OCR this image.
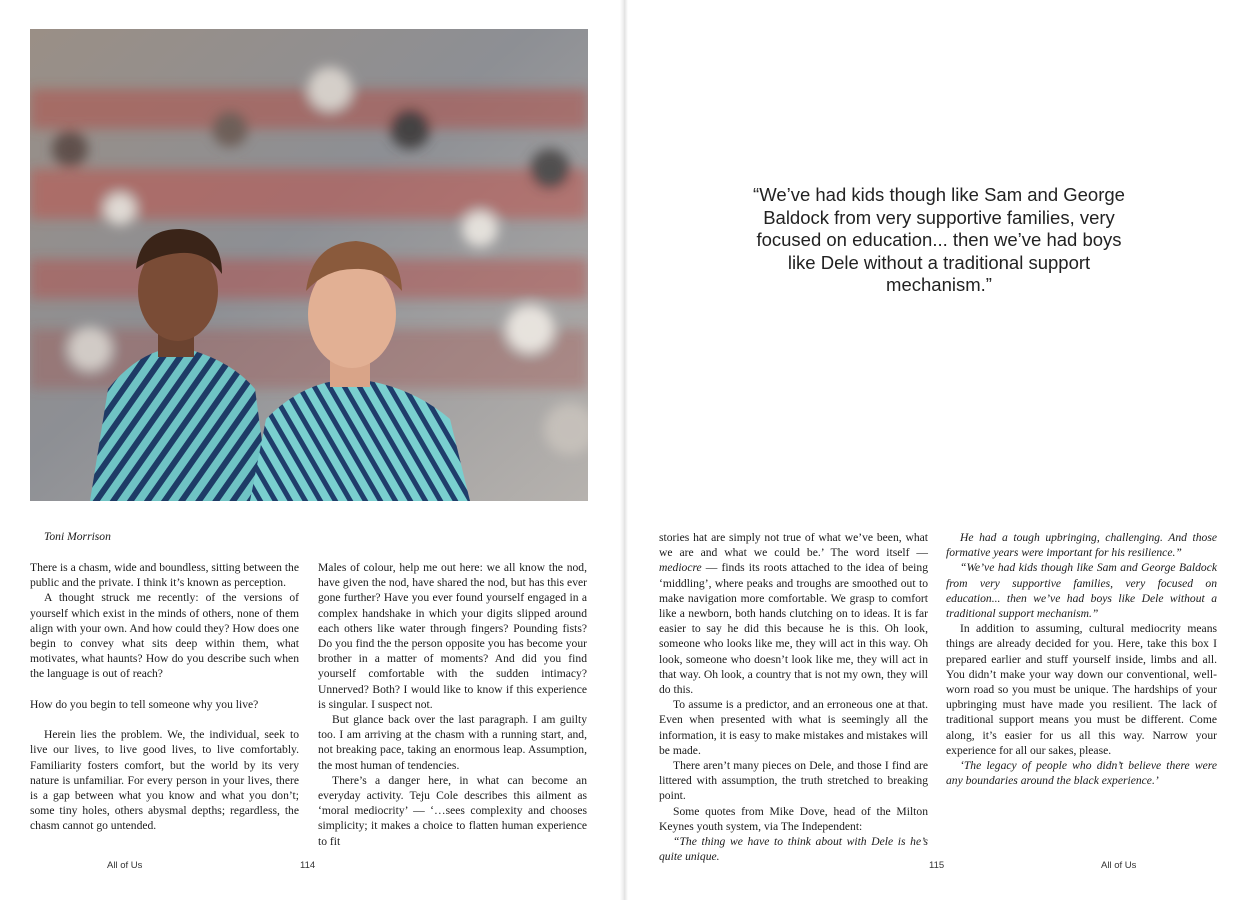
“We’ve had kids though like Sam and George Baldock from very supportive families, very focused on education... then we’ve had boys like Dele without a traditional support mechanism.”
Toni Morrison

There is a chasm, wide and boundless, sitting between the public and the private. I think it’s known as perception.

A thought struck me recently: of the versions of yourself which exist in the minds of others, none of them align with your own. And how could they? How does one begin to convey what sits deep within them, what motivates, what haunts? How do you describe such when the language is out of reach?

How do you begin to tell someone why you live?

Herein lies the problem. We, the individual, seek to live our lives, to live good lives, to live comfortably. Familiarity fosters comfort, but the world by its very nature is unfamiliar. For every person in your lives, there is a gap between what you know and what you don’t; some tiny holes, others abysmal depths; regardless, the chasm cannot go untended.

Males of colour, help me out here: we all know the nod, have given the nod, have shared the nod, but has this ever gone further? Have you ever found yourself engaged in a complex handshake in which your digits slipped around each others like water through fingers? Pounding fists? Do you find the the person opposite you has become your brother in a matter of moments? And did you find yourself comfortable with the sudden intimacy? Unnerved? Both? I would like to know if this experience is singular. I suspect not.

But glance back over the last paragraph. I am guilty too. I am arriving at the chasm with a running start, and, not breaking pace, taking an enormous leap. Assumption, the most human of tendencies.

There’s a danger here, in what can become an everyday activity. Teju Cole describes this ailment as ‘moral mediocrity’ — ‘…sees complexity and chooses simplicity; it makes a choice to flatten human experience to fit

stories hat are simply not true of what we’ve been, what we are and what we could be.’ The word itself — mediocre — finds its roots attached to the idea of being ‘middling’, where peaks and troughs are smoothed out to make navigation more comfortable. We grasp to comfort like a newborn, both hands clutching on to ideas. It is far easier to say he did this because he is this. Oh look, someone who looks like me, they will act in this way. Oh look, someone who doesn’t look like me, they will act in that way. Oh look, a country that is not my own, they will do this.

To assume is a predictor, and an erroneous one at that. Even when presented with what is seemingly all the information, it is easy to make mistakes and mistakes will be made.

There aren’t many pieces on Dele, and those I find are littered with assumption, the truth stretched to breaking point.

Some quotes from Mike Dove, head of the Milton Keynes youth system, via The Independent:

“The thing we have to think about with Dele is he’s quite unique.

He had a tough upbringing, challenging. And those formative years were important for his resilience.”

“We’ve had kids though like Sam and George Baldock from very supportive families, very focused on education... then we’ve had boys like Dele without a traditional support mechanism.”

In addition to assuming, cultural mediocrity means things are already decided for you. Here, take this box I prepared earlier and stuff yourself inside, limbs and all. You didn’t make your way down our conventional, well-worn road so you must be unique. The hardships of your upbringing must have made you resilient. The lack of traditional support means you must be different. Come along, it’s easier for us all this way. Narrow your experience for all our sakes, please.

‘The legacy of people who didn’t believe there were any boundaries around the black experience.’

All of Us	114	115	All of Us
